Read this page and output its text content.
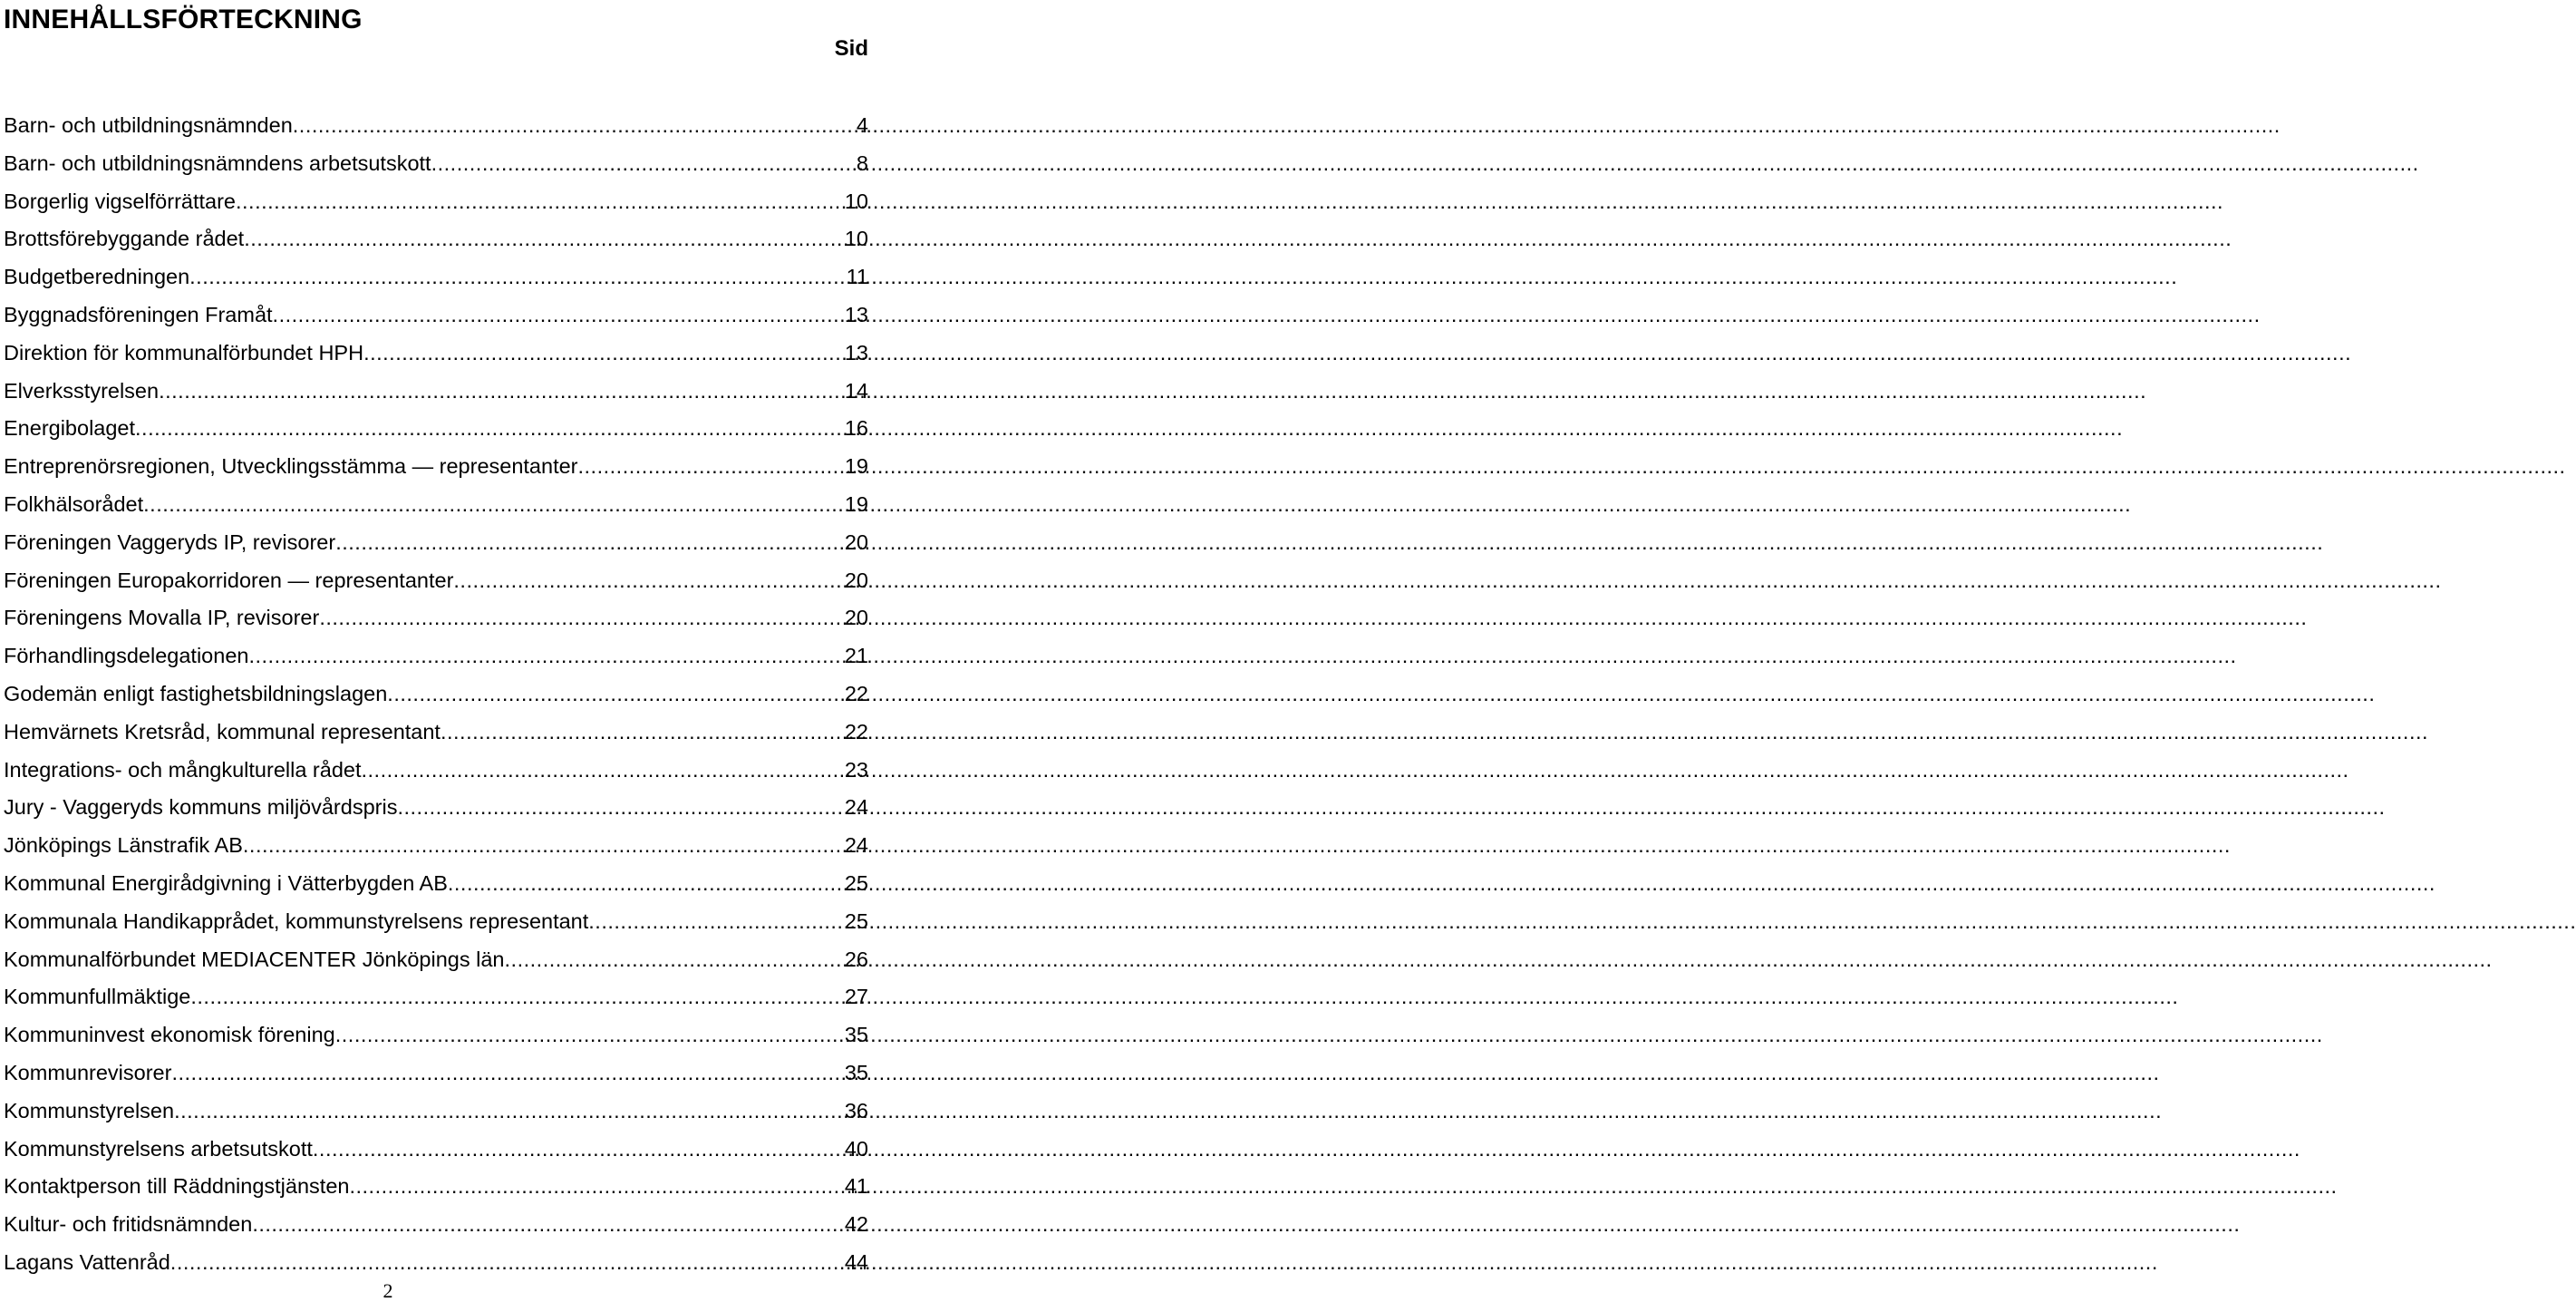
INNEHÅLLSFÖRTECKNING
Sid
Barn- och utbildningsnämnden .....	4
Barn- och utbildningsnämndens arbetsutskott .....	8
Borgerlig vigselförrättare .....	10
Brottsförebyggande rådet .....	10
Budgetberedningen .....	11
Byggnadsföreningen Framåt .....	13
Direktion för kommunalförbundet HPH .....	13
Elverksstyrelsen .....	14
Energibolaget .....	16
Entreprenörsregionen, Utvecklingsstämma — representanter .....	19
Folkhälsorådet .....	19
Föreningen Vaggeryds IP, revisorer .....	20
Föreningen Europakorridoren — representanter .....	20
Föreningens Movalla IP, revisorer .....	20
Förhandlingsdelegationen .....	21
Godemän enligt fastighetsbildningslagen .....	22
Hemvärnets Kretsråd, kommunal representant .....	22
Integrations- och mångkulturella rådet .....	23
Jury - Vaggeryds kommuns miljövårdspris .....	24
Jönköpings Länstrafik AB .....	24
Kommunal Energirådgivning i Vätterbygden AB .....	25
Kommunala Handikapprådet, kommunstyrelsens representant .....	25
Kommunalförbundet MEDIACENTER Jönköpings län .....	26
Kommunfullmäktige .....	27
Kommuninvest ekonomisk förening .....	35
Kommunrevisorer .....	35
Kommunstyrelsen .....	36
Kommunstyrelsens arbetsutskott .....	40
Kontaktperson till Räddningstjänsten .....	41
Kultur- och fritidsnämnden .....	42
Lagans Vattenråd .....	44
2
